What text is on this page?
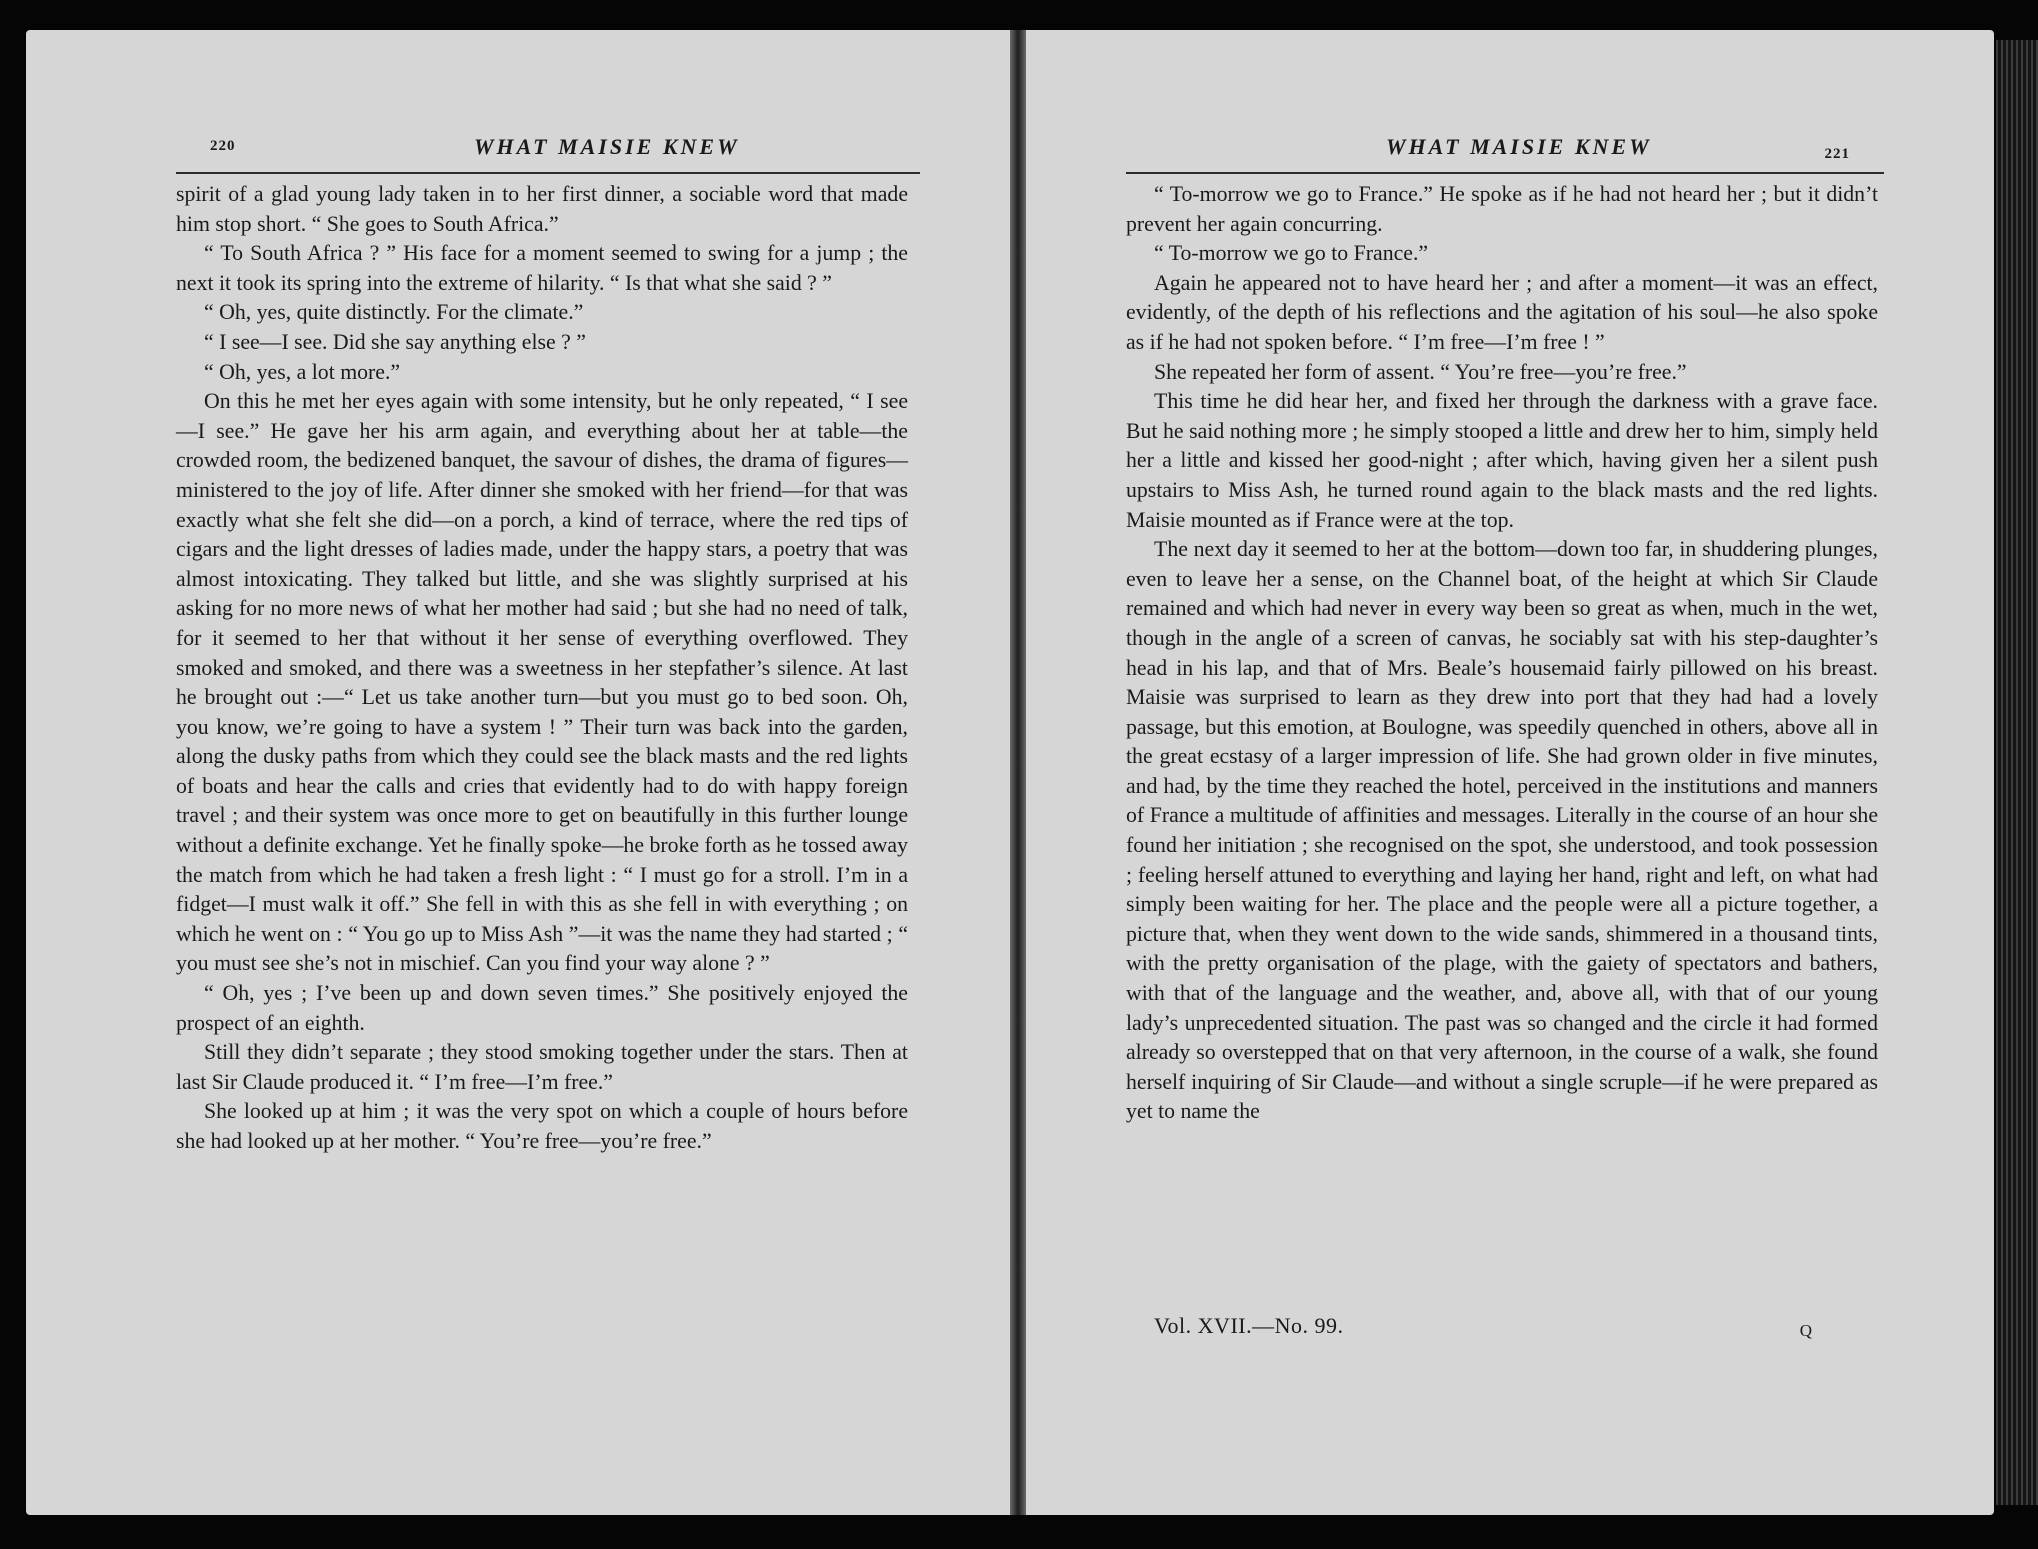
220	WHAT MAISIE KNEW

spirit of a glad young lady taken in to her first dinner, a sociable word that made him stop short. “ She goes to South Africa.”

“ To South Africa ? ” His face for a moment seemed to swing for a jump ; the next it took its spring into the extreme of hilarity. “ Is that what she said ? ”

“ Oh, yes, quite distinctly. For the climate.”

“ I see—I see. Did she say anything else ? ”

“ Oh, yes, a lot more.”

On this he met her eyes again with some intensity, but he only repeated, “ I see—I see.” He gave her his arm again, and everything about her at table—the crowded room, the bedizened banquet, the savour of dishes, the drama of figures—ministered to the joy of life. After dinner she smoked with her friend—for that was exactly what she felt she did—on a porch, a kind of terrace, where the red tips of cigars and the light dresses of ladies made, under the happy stars, a poetry that was almost intoxicating. They talked but little, and she was slightly surprised at his asking for no more news of what her mother had said ; but she had no need of talk, for it seemed to her that without it her sense of everything overflowed. They smoked and smoked, and there was a sweetness in her stepfather’s silence. At last he brought out :—“ Let us take another turn—but you must go to bed soon. Oh, you know, we’re going to have a system ! ” Their turn was back into the garden, along the dusky paths from which they could see the black masts and the red lights of boats and hear the calls and cries that evidently had to do with happy foreign travel ; and their system was once more to get on beautifully in this further lounge without a definite exchange. Yet he finally spoke—he broke forth as he tossed away the match from which he had taken a fresh light : “ I must go for a stroll. I’m in a fidget—I must walk it off.” She fell in with this as she fell in with everything ; on which he went on : “ You go up to Miss Ash ”—it was the name they had started ; “ you must see she’s not in mischief. Can you find your way alone ? ”

“ Oh, yes ; I’ve been up and down seven times.” She positively enjoyed the prospect of an eighth.

Still they didn’t separate ; they stood smoking together under the stars. Then at last Sir Claude produced it. “ I’m free—I’m free.”

She looked up at him ; it was the very spot on which a couple of hours before she had looked up at her mother. “ You’re free—you’re free.”

WHAT MAISIE KNEW	221

“ To-morrow we go to France.” He spoke as if he had not heard her ; but it didn’t prevent her again concurring.

“ To-morrow we go to France.”

Again he appeared not to have heard her ; and after a moment—it was an effect, evidently, of the depth of his reflections and the agitation of his soul—he also spoke as if he had not spoken before. “ I’m free—I’m free ! ”

She repeated her form of assent. “ You’re free—you’re free.”

This time he did hear her, and fixed her through the darkness with a grave face. But he said nothing more ; he simply stooped a little and drew her to him, simply held her a little and kissed her good-night ; after which, having given her a silent push upstairs to Miss Ash, he turned round again to the black masts and the red lights. Maisie mounted as if France were at the top.

The next day it seemed to her at the bottom—down too far, in shuddering plunges, even to leave her a sense, on the Channel boat, of the height at which Sir Claude remained and which had never in every way been so great as when, much in the wet, though in the angle of a screen of canvas, he sociably sat with his step-daughter’s head in his lap, and that of Mrs. Beale’s housemaid fairly pillowed on his breast. Maisie was surprised to learn as they drew into port that they had had a lovely passage, but this emotion, at Boulogne, was speedily quenched in others, above all in the great ecstasy of a larger impression of life. She had grown older in five minutes, and had, by the time they reached the hotel, perceived in the institutions and manners of France a multitude of affinities and messages. Literally in the course of an hour she found her initiation ; she recognised on the spot, she understood, and took possession ; feeling herself attuned to everything and laying her hand, right and left, on what had simply been waiting for her. The place and the people were all a picture together, a picture that, when they went down to the wide sands, shimmered in a thousand tints, with the pretty organisation of the plage, with the gaiety of spectators and bathers, with that of the language and the weather, and, above all, with that of our young lady’s unprecedented situation. The past was so changed and the circle it had formed already so overstepped that on that very afternoon, in the course of a walk, she found herself inquiring of Sir Claude—and without a single scruple—if he were prepared as yet to name the

Vol. XVII.—No. 99.	Q
